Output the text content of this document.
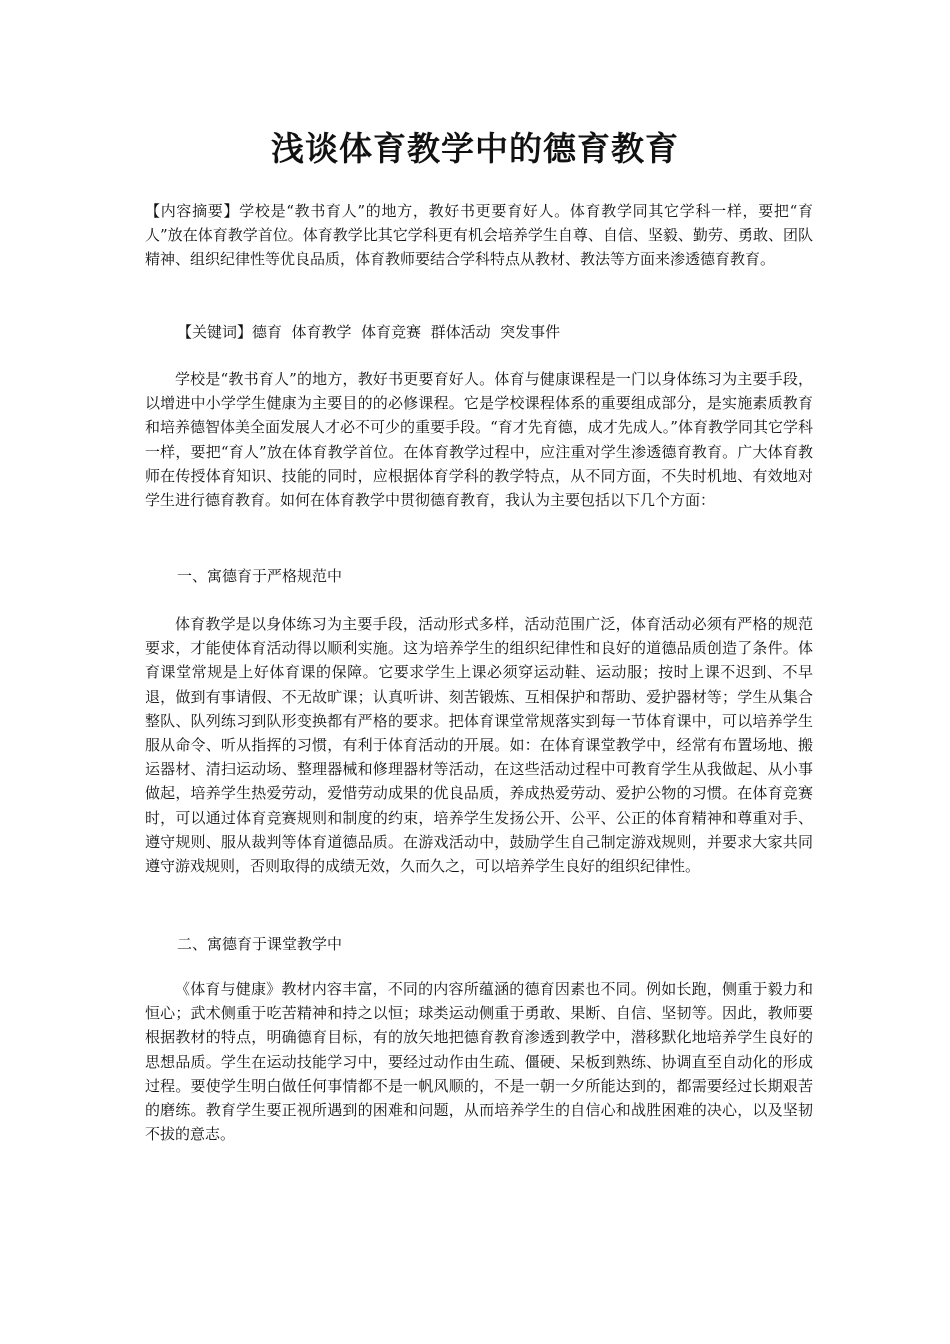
浅谈体育教学中的德育教育

【内容摘要】学校是“教书育人”的地方，教好书更要育好人。体育教学同其它学科一样，要把“育人”放在体育教学首位。体育教学比其它学科更有机会培养学生自尊、自信、坚毅、勤劳、勇敢、团队精神、组织纪律性等优良品质，体育教师要结合学科特点从教材、教法等方面来渗透德育教育。

【关键词】德育  体育教学  体育竞赛  群体活动  突发事件

学校是“教书育人”的地方，教好书更要育好人。体育与健康课程是一门以身体练习为主要手段，以增进中小学学生健康为主要目的的必修课程。它是学校课程体系的重要组成部分，是实施素质教育和培养德智体美全面发展人才必不可少的重要手段。“育才先育德，成才先成人。”体育教学同其它学科一样，要把“育人”放在体育教学首位。在体育教学过程中，应注重对学生渗透德育教育。广大体育教师在传授体育知识、技能的同时，应根据体育学科的教学特点，从不同方面，不失时机地、有效地对学生进行德育教育。如何在体育教学中贯彻德育教育，我认为主要包括以下几个方面：

一、寓德育于严格规范中

体育教学是以身体练习为主要手段，活动形式多样，活动范围广泛，体育活动必须有严格的规范要求，才能使体育活动得以顺利实施。这为培养学生的组织纪律性和良好的道德品质创造了条件。体育课堂常规是上好体育课的保障。它要求学生上课必须穿运动鞋、运动服；按时上课不迟到、不早退，做到有事请假、不无故旷课；认真听讲、刻苦锻炼、互相保护和帮助、爱护器材等；学生从集合整队、队列练习到队形变换都有严格的要求。把体育课堂常规落实到每一节体育课中，可以培养学生服从命令、听从指挥的习惯，有利于体育活动的开展。如：在体育课堂教学中，经常有布置场地、搬运器材、清扫运动场、整理器械和修理器材等活动，在这些活动过程中可教育学生从我做起、从小事做起，培养学生热爱劳动，爱惜劳动成果的优良品质，养成热爱劳动、爱护公物的习惯。在体育竞赛时，可以通过体育竞赛规则和制度的约束，培养学生发扬公开、公平、公正的体育精神和尊重对手、遵守规则、服从裁判等体育道德品质。在游戏活动中，鼓励学生自己制定游戏规则，并要求大家共同遵守游戏规则，否则取得的成绩无效，久而久之，可以培养学生良好的组织纪律性。

二、寓德育于课堂教学中

《体育与健康》教材内容丰富，不同的内容所蕴涵的德育因素也不同。例如长跑，侧重于毅力和恒心；武术侧重于吃苦精神和持之以恒；球类运动侧重于勇敢、果断、自信、坚韧等。因此，教师要根据教材的特点，明确德育目标，有的放矢地把德育教育渗透到教学中，潜移默化地培养学生良好的思想品质。学生在运动技能学习中，要经过动作由生疏、僵硬、呆板到熟练、协调直至自动化的形成过程。要使学生明白做任何事情都不是一帆风顺的，不是一朝一夕所能达到的，都需要经过长期艰苦的磨练。教育学生要正视所遇到的困难和问题，从而培养学生的自信心和战胜困难的决心，以及坚韧不拔的意志。
